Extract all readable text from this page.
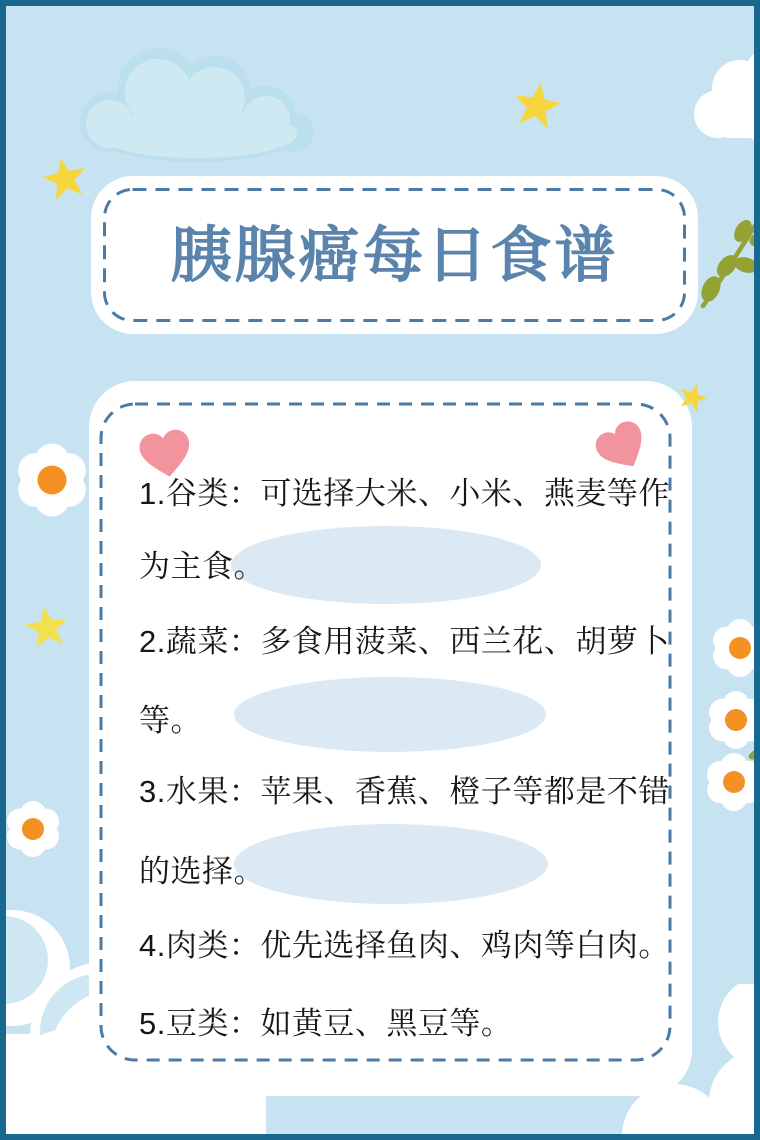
胰腺癌每日食谱
1.谷类：可选择大米、小米、燕麦等作
为主食。
2.蔬菜：多食用菠菜、西兰花、胡萝卜
等。
3.水果：苹果、香蕉、橙子等都是不错
的选择。
4.肉类：优先选择鱼肉、鸡肉等白肉。
5.豆类：如黄豆、黑豆等。
